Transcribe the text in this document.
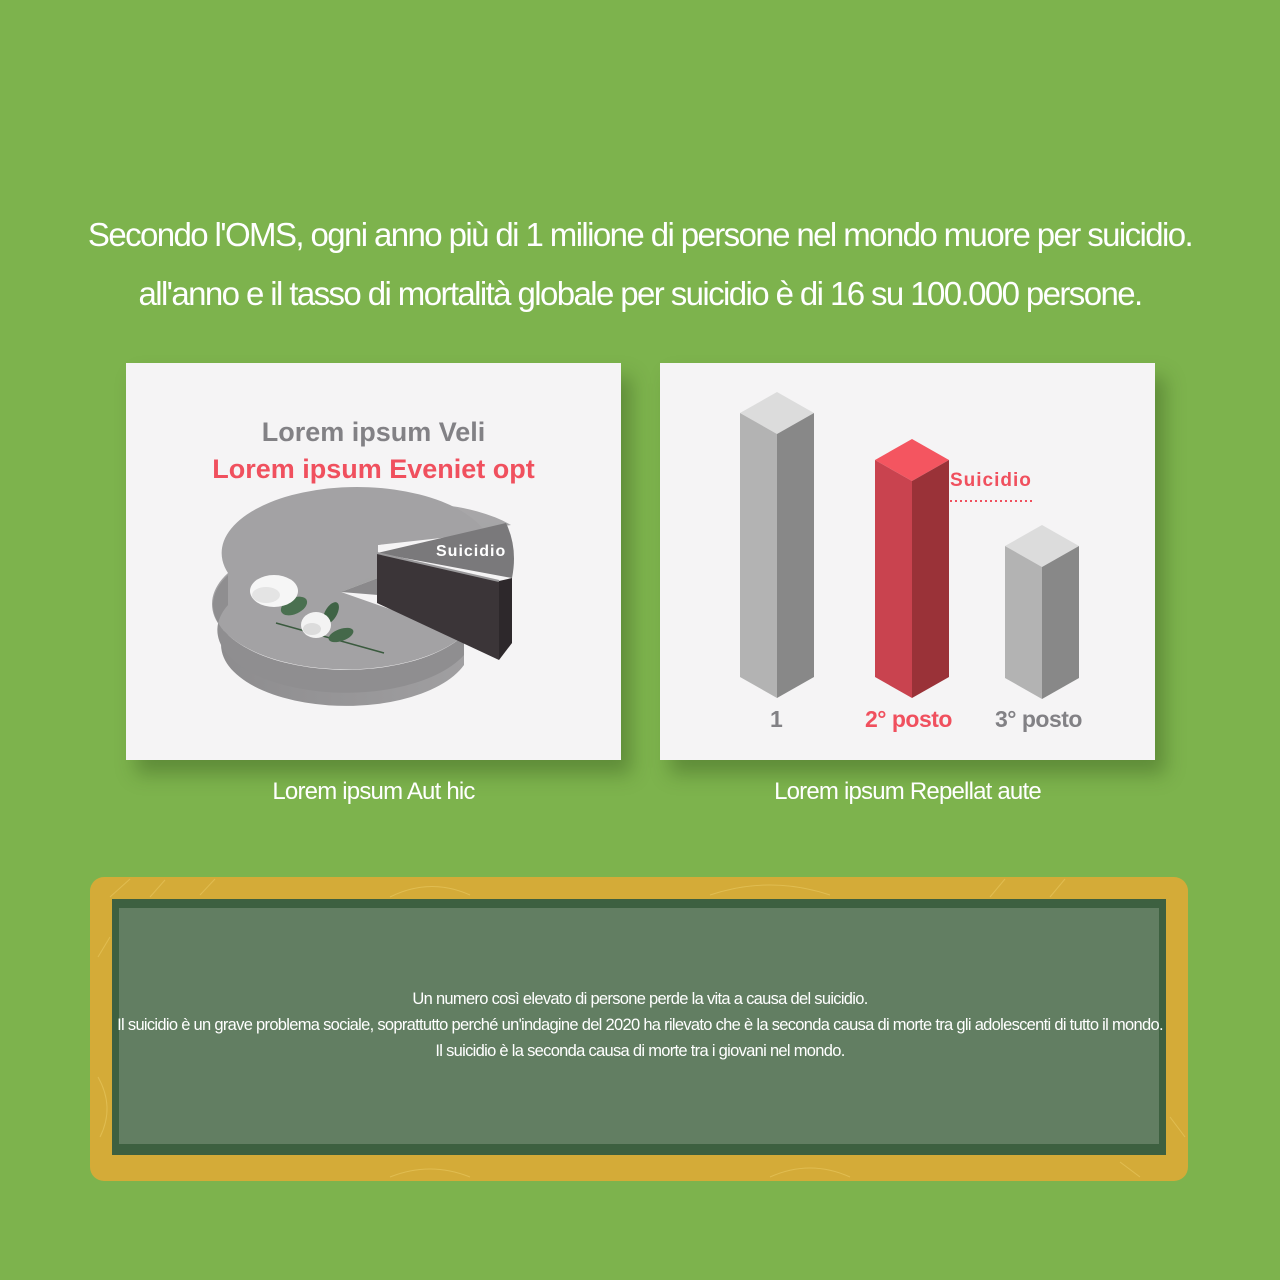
Secondo l'OMS, ogni anno più di 1 milione di persone nel mondo muore per suicidio.
all'anno e il tasso di mortalità globale per suicidio è di 16 su 100.000 persone.
Lorem ipsum Veli
Lorem ipsum Eveniet opt
Suicidio
Lorem ipsum Aut hic
Suicidio
1	2° posto 3° posto
Lorem ipsum Repellat aute
Un numero così elevato di persone perde la vita a causa del suicidio.
Il suicidio è un grave problema sociale, soprattutto perché un'indagine del 2020 ha rilevato che è la seconda causa di morte tra gli adolescenti di tutto il mondo.
Il suicidio è la seconda causa di morte tra i giovani nel mondo.
